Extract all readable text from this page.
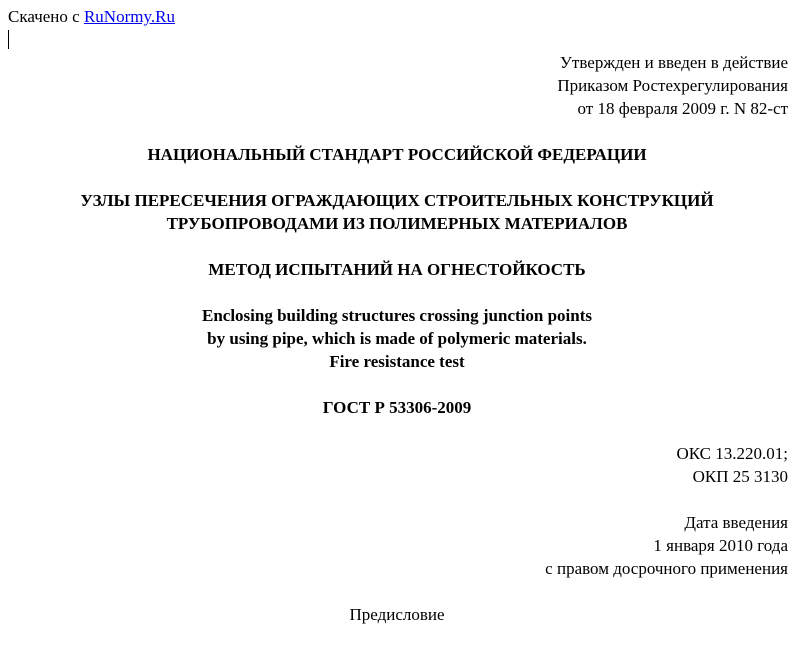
Скачено с RuNormy.Ru
Утвержден и введен в действие
Приказом Ростехрегулирования
от 18 февраля 2009 г. N 82-ст
НАЦИОНАЛЬНЫЙ СТАНДАРТ РОССИЙСКОЙ ФЕДЕРАЦИИ
УЗЛЫ ПЕРЕСЕЧЕНИЯ ОГРАЖДАЮЩИХ СТРОИТЕЛЬНЫХ КОНСТРУКЦИЙ
ТРУБОПРОВОДАМИ ИЗ ПОЛИМЕРНЫХ МАТЕРИАЛОВ
МЕТОД ИСПЫТАНИЙ НА ОГНЕСТОЙКОСТЬ
Enclosing building structures crossing junction points
by using pipe, which is made of polymeric materials.
Fire resistance test
ГОСТ Р 53306-2009
ОКС 13.220.01;
ОКП 25 3130
Дата введения
1 января 2010 года
с правом досрочного применения
Предисловие
